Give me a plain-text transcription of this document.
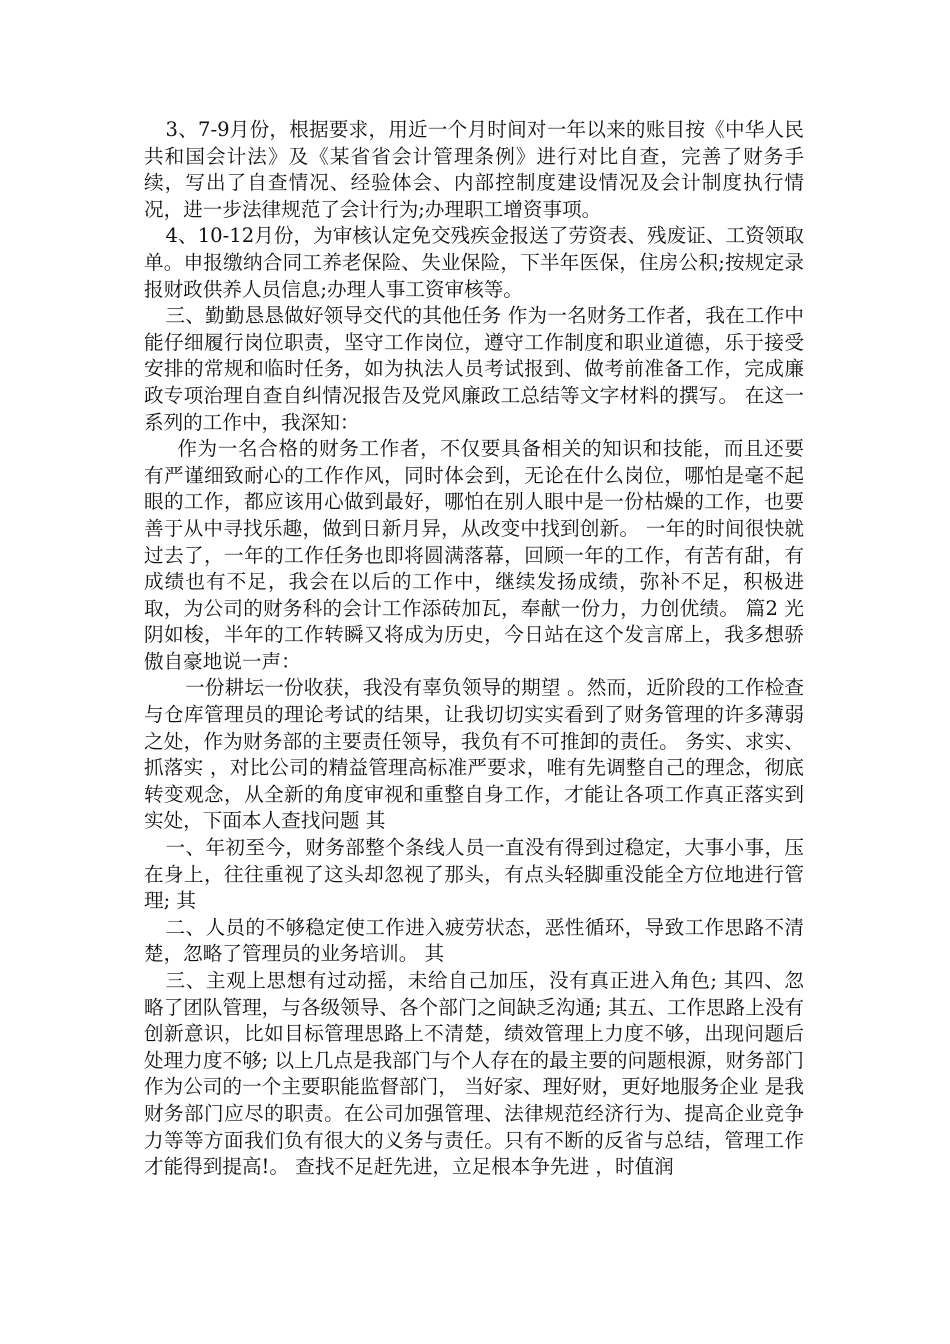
3、7-9月份，根据要求，用近一个月时间对一年以来的账目按《中华人民共和国会计法》及《某省省会计管理条例》进行对比自查，完善了财务手续，写出了自查情况、经验体会、内部控制度建设情况及会计制度执行情况，进一步法律规范了会计行为;办理职工增资事项。

4、10-12月份，为审核认定免交残疾金报送了劳资表、残废证、工资领取单。申报缴纳合同工养老保险、失业保险，下半年医保，住房公积;按规定录报财政供养人员信息;办理人事工资审核等。

三、勤勤恳恳做好领导交代的其他任务 作为一名财务工作者，我在工作中能仔细履行岗位职责，坚守工作岗位，遵守工作制度和职业道德，乐于接受安排的常规和临时任务，如为执法人员考试报到、做考前准备工作，完成廉政专项治理自查自纠情况报告及党风廉政工总结等文字材料的撰写。 在这一系列的工作中，我深知：

作为一名合格的财务工作者，不仅要具备相关的知识和技能，而且还要有严谨细致耐心的工作作风，同时体会到，无论在什么岗位，哪怕是毫不起眼的工作，都应该用心做到最好，哪怕在别人眼中是一份枯燥的工作，也要善于从中寻找乐趣，做到日新月异，从改变中找到创新。 一年的时间很快就过去了，一年的工作任务也即将圆满落幕，回顾一年的工作，有苦有甜，有成绩也有不足，我会在以后的工作中，继续发扬成绩，弥补不足，积极进取，为公司的财务科的会计工作添砖加瓦，奉献一份力，力创优绩。 篇2 光阴如梭，半年的工作转瞬又将成为历史，今日站在这个发言席上，我多想骄傲自豪地说一声：

一份耕坛一份收获，我没有辜负领导的期望 。然而，近阶段的工作检查与仓库管理员的理论考试的结果，让我切切实实看到了财务管理的许多薄弱之处，作为财务部的主要责任领导，我负有不可推卸的责任。 务实、求实、抓落实 ，对比公司的精益管理高标准严要求，唯有先调整自己的理念，彻底转变观念，从全新的角度审视和重整自身工作，才能让各项工作真正落实到实处，下面本人查找问题 其

一、年初至今，财务部整个条线人员一直没有得到过稳定，大事小事，压在身上，往往重视了这头却忽视了那头，有点头轻脚重没能全方位地进行管理; 其

二、人员的不够稳定使工作进入疲劳状态，恶性循环，导致工作思路不清楚，忽略了管理员的业务培训。 其

三、主观上思想有过动摇，未给自己加压，没有真正进入角色; 其四、忽略了团队管理，与各级领导、各个部门之间缺乏沟通; 其五、工作思路上没有创新意识，比如目标管理思路上不清楚，绩效管理上力度不够，出现问题后处理力度不够; 以上几点是我部门与个人存在的最主要的问题根源，财务部门作为公司的一个主要职能监督部门， 当好家、理好财，更好地服务企业 是我财务部门应尽的职责。在公司加强管理、法律规范经济行为、提高企业竞争力等等方面我们负有很大的义务与责任。只有不断的反省与总结，管理工作才能得到提高!。 查找不足赶先进，立足根本争先进 ，时值润
